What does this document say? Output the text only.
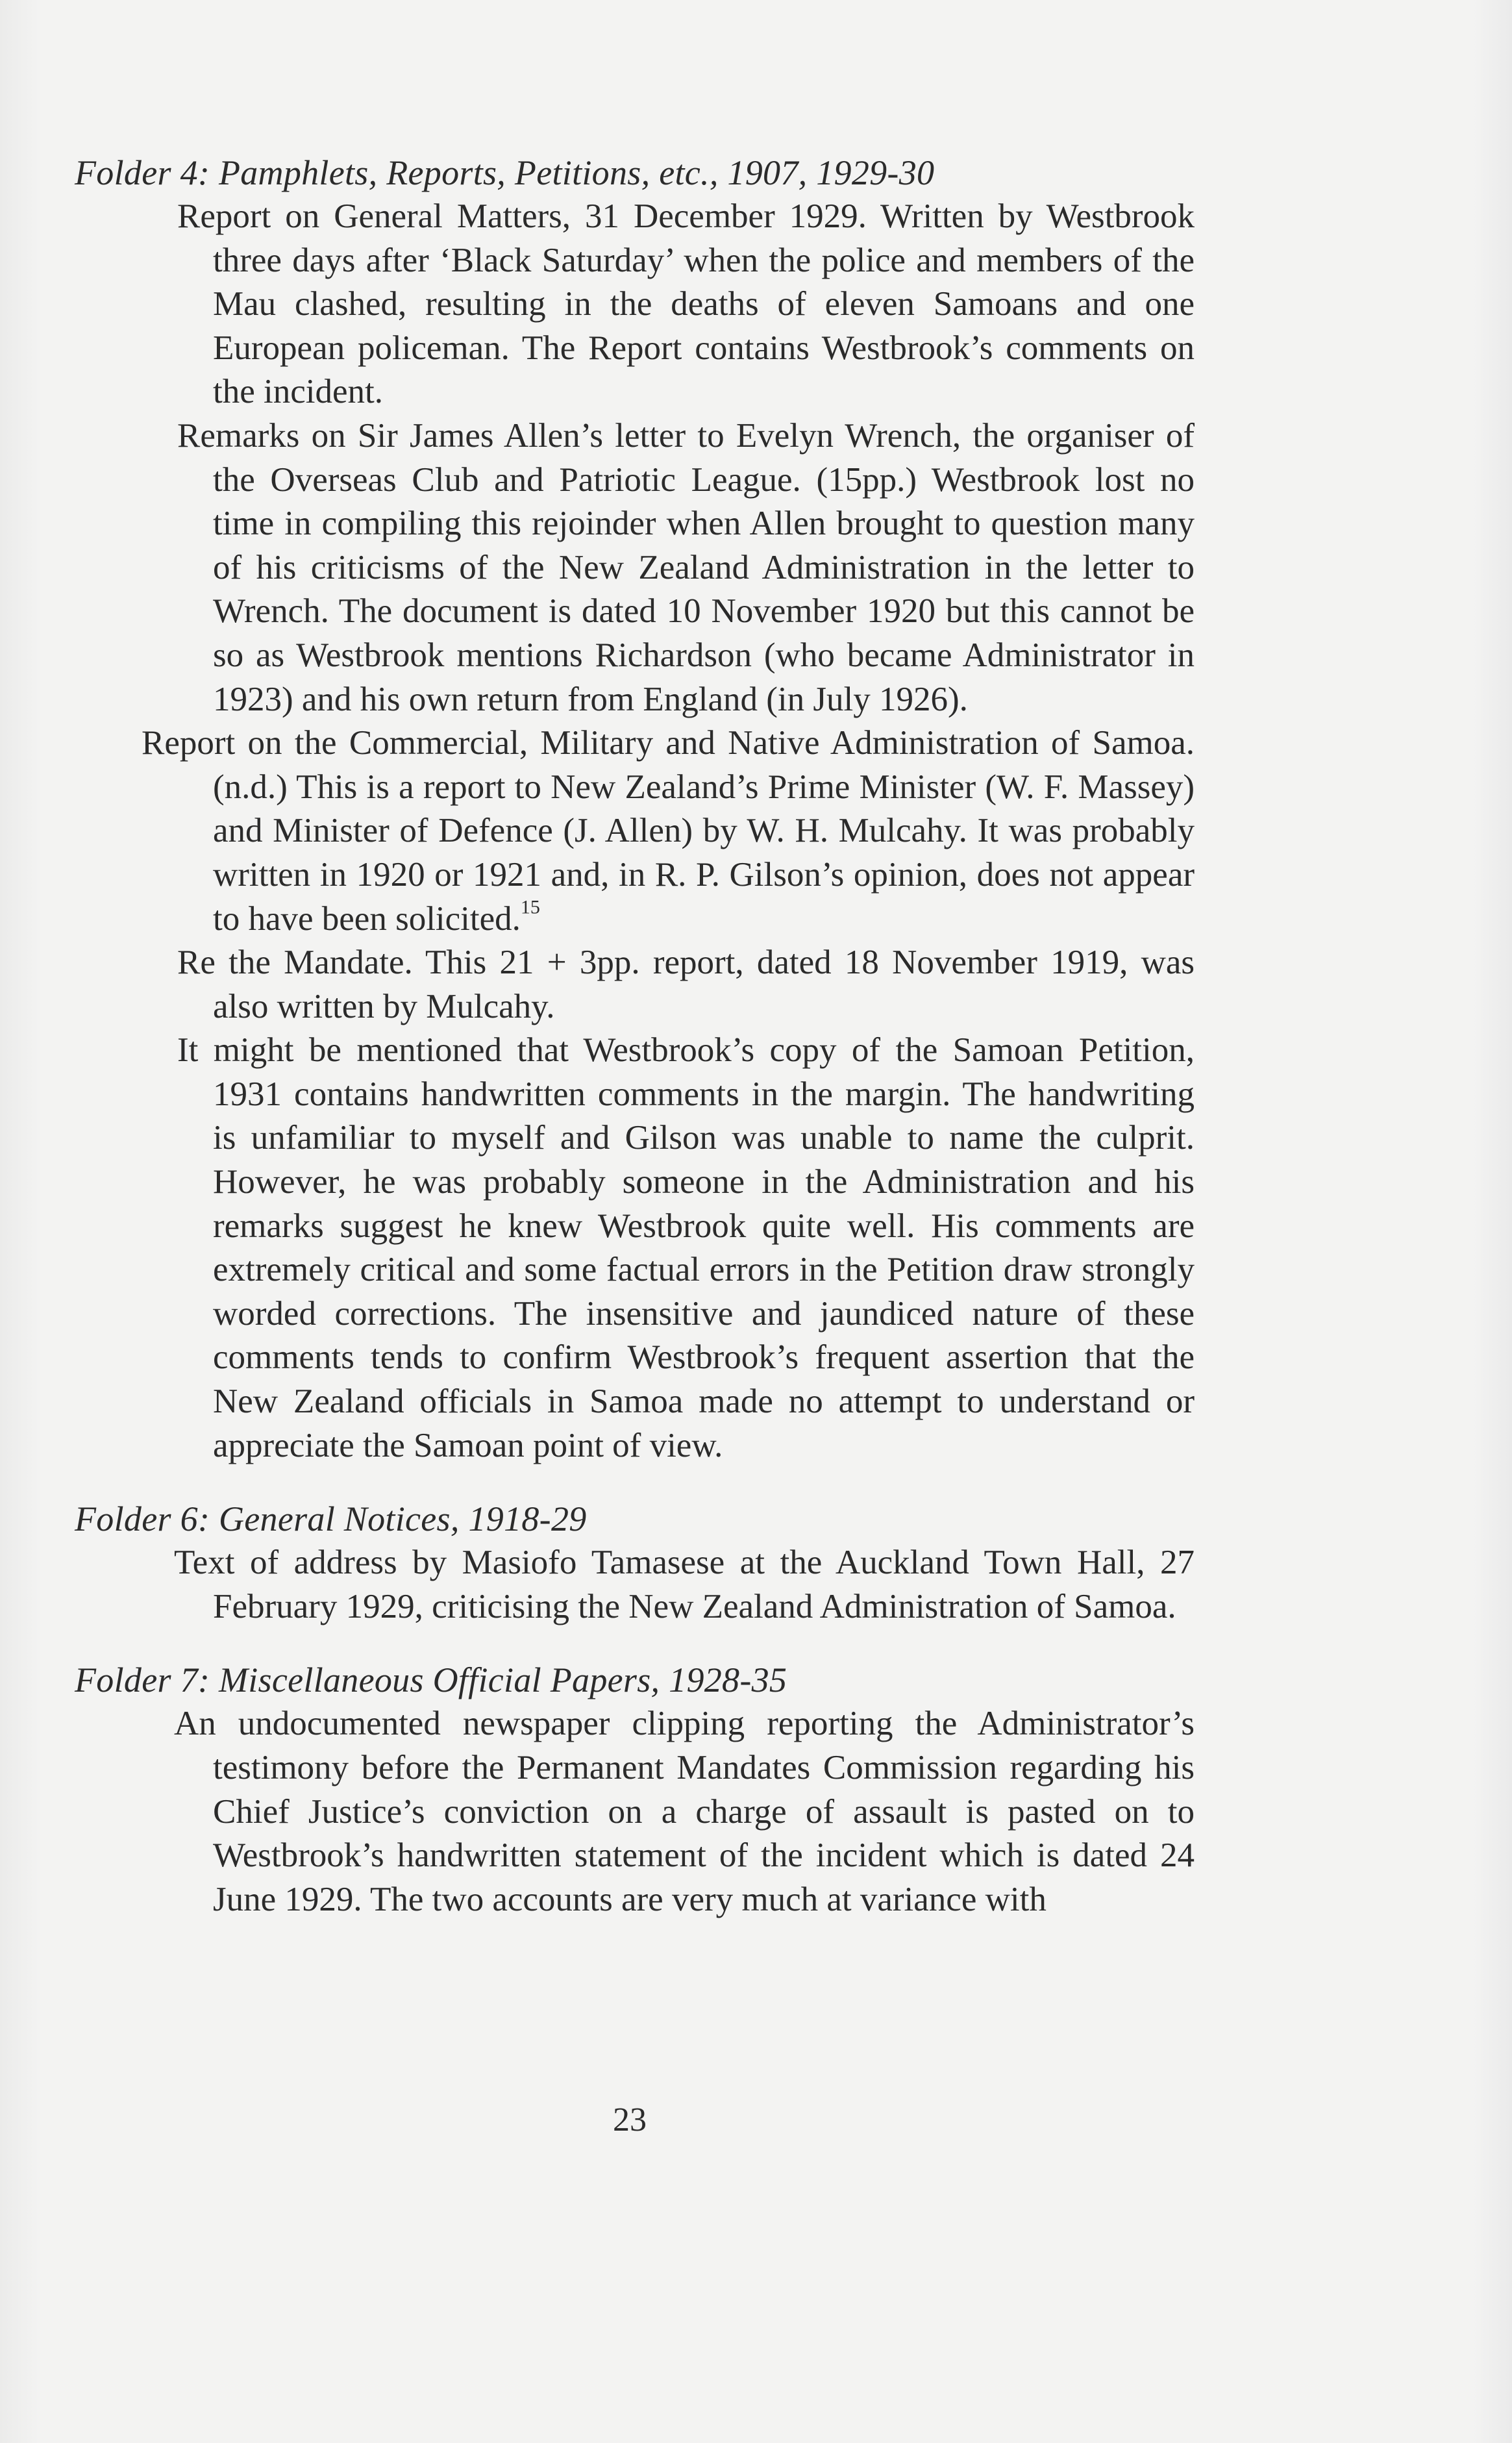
Folder 4: Pamphlets, Reports, Petitions, etc., 1907, 1929-30

Report on General Matters, 31 December 1929. Written by Westbrook three days after ‘Black Saturday’ when the police and members of the Mau clashed, resulting in the deaths of eleven Samoans and one European policeman. The Report contains Westbrook’s comments on the incident.

Remarks on Sir James Allen’s letter to Evelyn Wrench, the organiser of the Overseas Club and Patriotic League. (15pp.) Westbrook lost no time in compiling this rejoinder when Allen brought to question many of his criticisms of the New Zealand Administration in the letter to Wrench. The document is dated 10 November 1920 but this cannot be so as Westbrook mentions Richardson (who became Administrator in 1923) and his own return from England (in July 1926).

Report on the Commercial, Military and Native Administration of Samoa. (n.d.) This is a report to New Zealand’s Prime Minister (W. F. Massey) and Minister of Defence (J. Allen) by W. H. Mulcahy. It was probably written in 1920 or 1921 and, in R. P. Gilson’s opinion, does not appear to have been solicited.$^{15}$

Re the Mandate. This 21 + 3pp. report, dated 18 November 1919, was also written by Mulcahy.

It might be mentioned that Westbrook’s copy of the Samoan Petition, 1931 contains handwritten comments in the margin. The handwriting is unfamiliar to myself and Gilson was unable to name the culprit. However, he was probably someone in the Administration and his remarks suggest he knew Westbrook quite well. His comments are extremely critical and some factual errors in the Petition draw strongly worded corrections. The insensitive and jaundiced nature of these comments tends to confirm Westbrook’s frequent assertion that the New Zealand officials in Samoa made no attempt to understand or appreciate the Samoan point of view.

Folder 6: General Notices, 1918-29

Text of address by Masiofo Tamasese at the Auckland Town Hall, 27 February 1929, criticising the New Zealand Administration of Samoa.

Folder 7: Miscellaneous Official Papers, 1928-35

An undocumented newspaper clipping reporting the Administrator’s testimony before the Permanent Mandates Commission regarding his Chief Justice’s conviction on a charge of assault is pasted on to Westbrook’s handwritten statement of the incident which is dated 24 June 1929. The two accounts are very much at variance with

23
